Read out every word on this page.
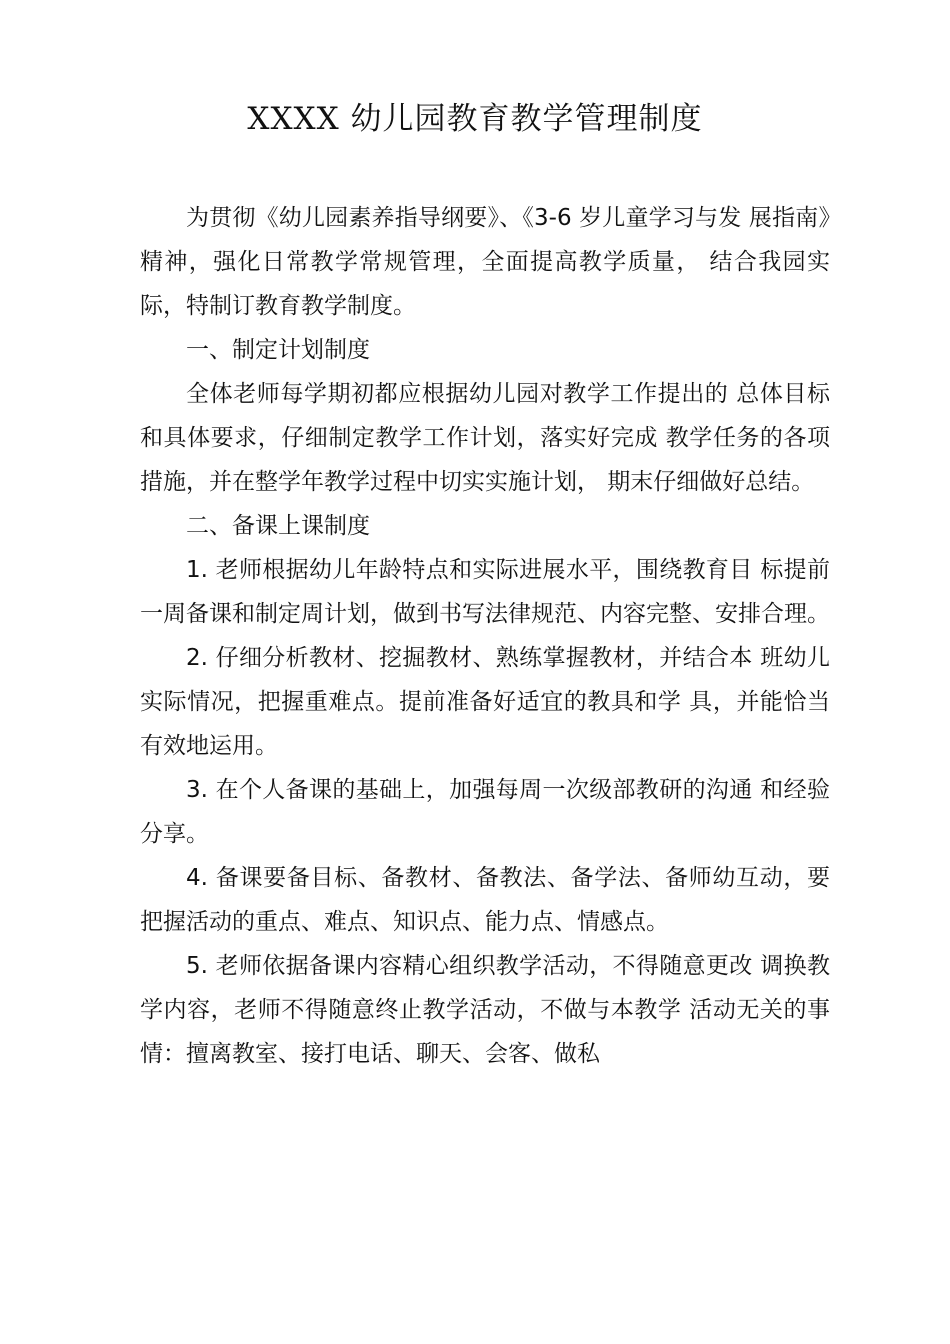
XXXX 幼儿园教育教学管理制度

为贯彻《幼儿园素养指导纲要》、《3-6 岁儿童学习与发 展指南》精神，强化日常教学常规管理，全面提高教学质量， 结合我园实际，特制订教育教学制度。

一、制定计划制度

全体老师每学期初都应根据幼儿园对教学工作提出的 总体目标和具体要求，仔细制定教学工作计划，落实好完成 教学任务的各项措施，并在整学年教学过程中切实实施计划， 期末仔细做好总结。

二、备课上课制度

1. 老师根据幼儿年龄特点和实际进展水平，围绕教育目 标提前一周备课和制定周计划，做到书写法律规范、内容完整、安排合理。

2. 仔细分析教材、挖掘教材、熟练掌握教材，并结合本 班幼儿实际情况，把握重难点。提前准备好适宜的教具和学 具，并能恰当有效地运用。

3. 在个人备课的基础上，加强每周一次级部教研的沟通 和经验分享。

4. 备课要备目标、备教材、备教法、备学法、备师幼互动，要把握活动的重点、难点、知识点、能力点、情感点。

5. 老师依据备课内容精心组织教学活动，不得随意更改 调换教学内容，老师不得随意终止教学活动，不做与本教学 活动无关的事情：擅离教室、接打电话、聊天、会客、做私
